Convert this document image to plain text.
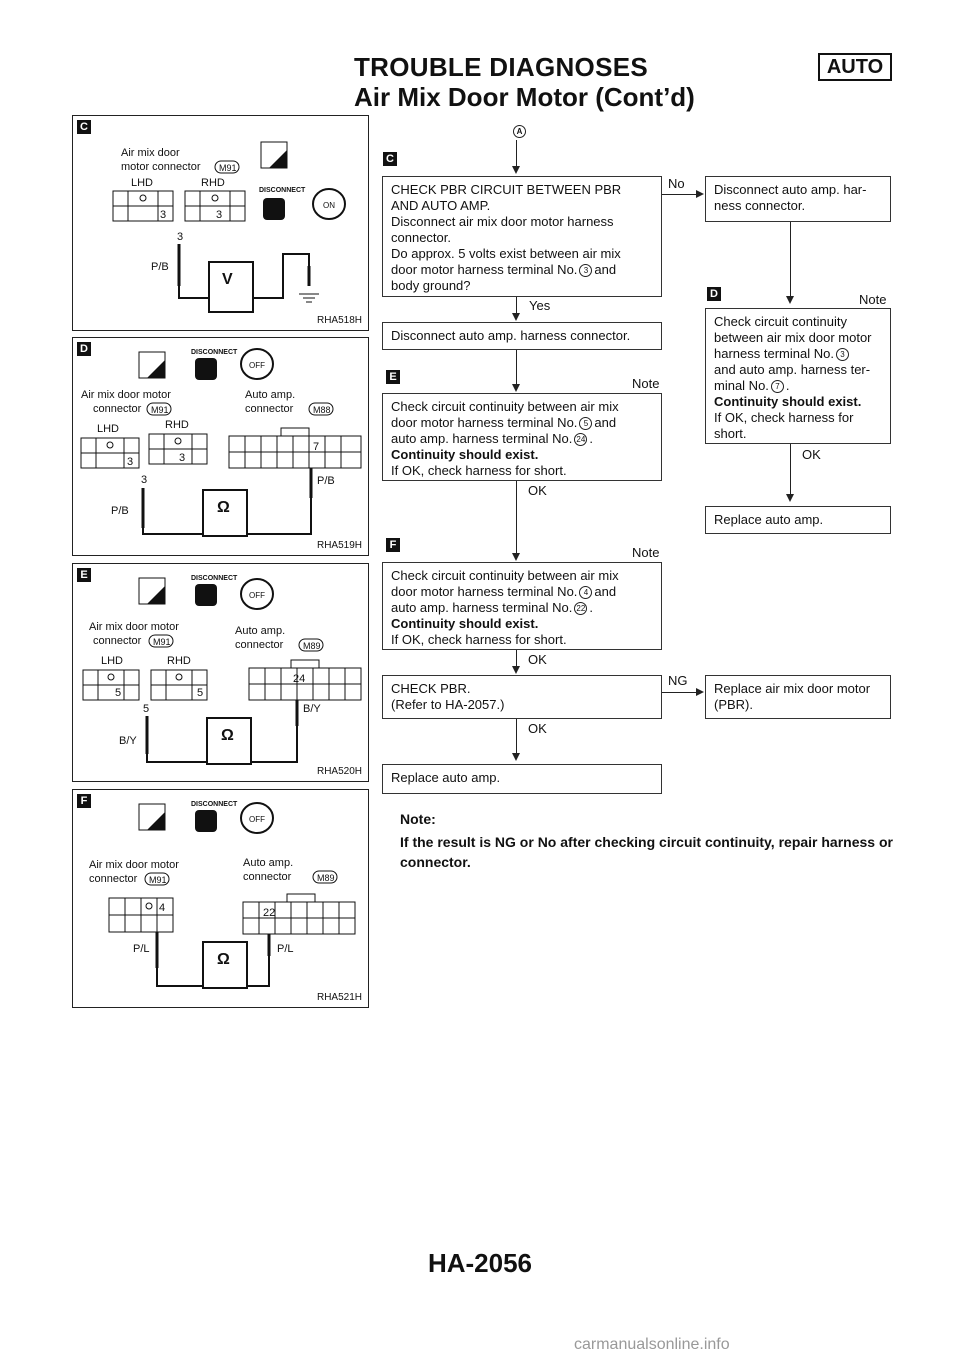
TROUBLE DIAGNOSES	AUTO
Air Mix Door Motor (Cont’d)
C
Air mix door
motor connector M91
LHD	RHD
3	3
DISCONNECT
ON
3
P/B
V
RHA518H
D	DISCONNECT
OFF
Air mix door motor
connector M91
Auto amp.
connector M88
LHD	RHD
3	3
7
3
P/B	Ω
P/B
RHA519H
E	DISCONNECT
OFF
Air mix door motor
connector M91
Auto amp.
connector M89
LHD	RHD
5	5
24
5
B/Y	Ω
B/Y
RHA520H
F	DISCONNECT
OFF
Air mix door motor
connector M91
Auto amp.
connector	M89
4	22
P/L
Ω
P/L
RHA521H
A
C
CHECK PBR CIRCUIT BETWEEN PBR
AND AUTO AMP.
Disconnect air mix door motor harness
connector.
Do approx. 5 volts exist between air mix
door motor harness terminal No. 3 and
body ground?
No Disconnect auto amp. har-
ness connector.
Note
D
Check circuit continuity
between air mix door motor
harness terminal No. 3
and auto amp. harness ter-
minal No. 7 .
Continuity should exist.
If OK, check harness for
short.
OK
Replace auto amp.
Yes
Disconnect auto amp. harness connector.
Note
E
Check circuit continuity between air mix
door motor harness terminal No. 5 and
auto amp. harness terminal No. 24 .
Continuity should exist.
If OK, check harness for short.
OK
Note
F
Check circuit continuity between air mix
door motor harness terminal No. 4 and
auto amp. harness terminal No. 22 .
Continuity should exist.
If OK, check harness for short.
OK
CHECK PBR.
(Refer to HA-2057.)
NG
Replace air mix door motor
(PBR).
OK
Replace auto amp.
Note:
If the result is NG or No after checking circuit continuity, repair harness or connector.
HA-2056
carmanualsonline.info
